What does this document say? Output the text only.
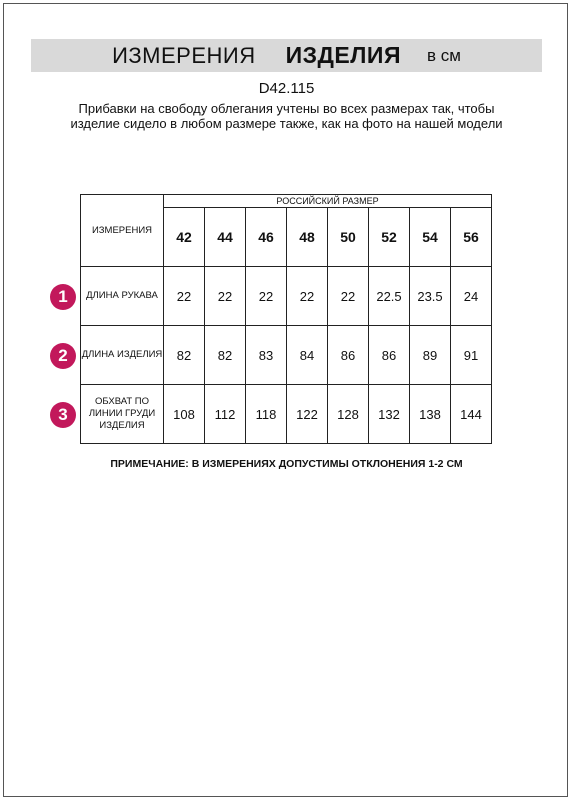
ИЗМЕРЕНИЯ ИЗДЕЛИЯ в см
D42.115
Прибавки на свободу облегания учтены во всех размерах так, чтобы изделие сидело в любом размере также, как на фото на нашей модели
ИЗМЕРЕНИЯ	РОССИЙСКИЙ РАЗМЕР							
	42	44	46	48	50	52	54	56
ДЛИНА РУКАВА	22	22	22	22	22	22.5	23.5	24
ДЛИНА ИЗДЕЛИЯ	82	82	83	84	86	86	89	91
ОБХВАТ ПО ЛИНИИ ГРУДИ ИЗДЕЛИЯ	108	112	118	122	128	132	138	144
1
2
3
ПРИМЕЧАНИЕ: В ИЗМЕРЕНИЯХ ДОПУСТИМЫ ОТКЛОНЕНИЯ 1-2 СМ
